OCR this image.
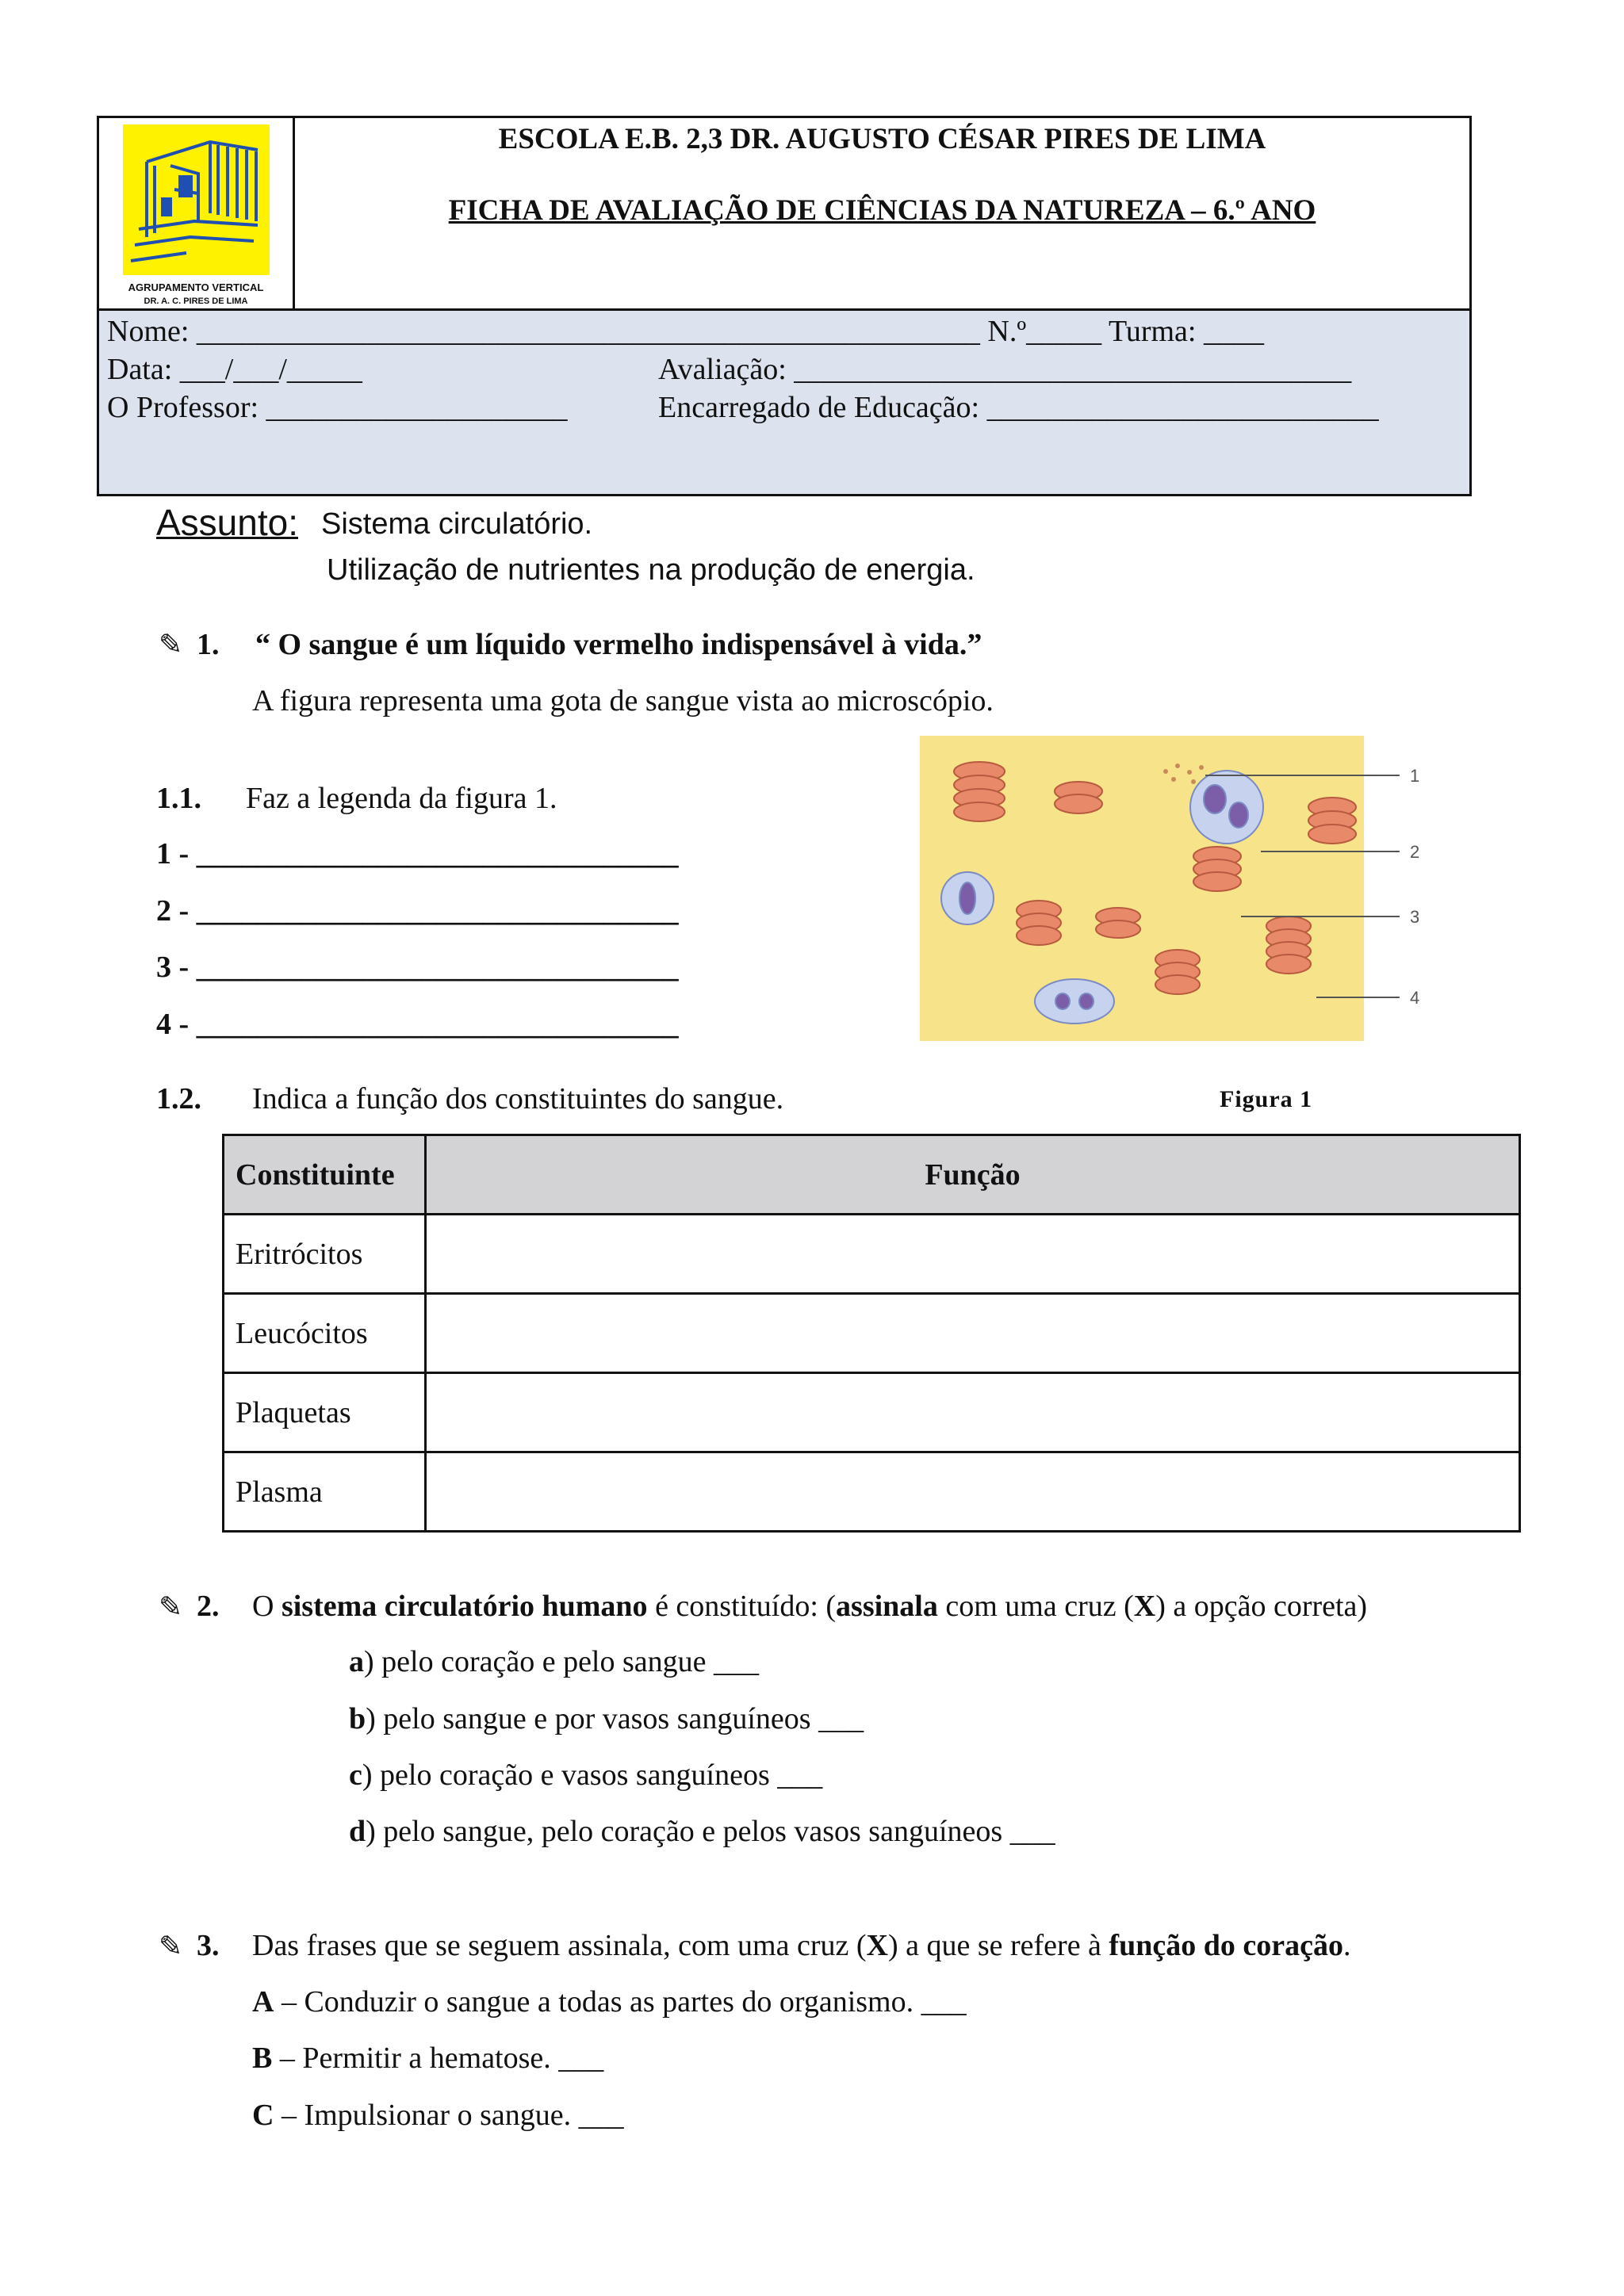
AGRUPAMENTO VERTICAL
DR. A. C. PIRES DE LIMA
ESCOLA E.B. 2,3 DR. AUGUSTO CÉSAR PIRES DE LIMA
FICHA DE AVALIAÇÃO DE CIÊNCIAS DA NATUREZA – 6.º ANO
Nome: ____________________________________________________ N.º_____ Turma: ____
Data: ___/___/_____	Avaliação: _____________________________________
O Professor: ____________________	Encarregado de Educação: __________________________
Assunto: Sistema circulatório.
Utilização de nutrientes na produção de energia.
✎ 1. “ O sangue é um líquido vermelho indispensável à vida.”
A figura representa uma gota de sangue vista ao microscópio.
1.1. Faz a legenda da figura 1.
1 - ________________________________
2 - ________________________________
3 - ________________________________
4 - ________________________________
1
2
3
4
1.2. Indica a função dos constituintes do sangue.	Figura 1
Constituinte	Função
Eritrócitos	
Leucócitos	
Plaquetas	
Plasma	
✎ 2. O sistema circulatório humano é constituído: (assinala com uma cruz (X) a opção correta)
a) pelo coração e pelo sangue ___
b) pelo sangue e por vasos sanguíneos ___
c) pelo coração e vasos sanguíneos ___
d) pelo sangue, pelo coração e pelos vasos sanguíneos ___
✎ 3. Das frases que se seguem assinala, com uma cruz (X) a que se refere à função do coração.
A – Conduzir o sangue a todas as partes do organismo. ___
B – Permitir a hematose. ___
C – Impulsionar o sangue. ___
